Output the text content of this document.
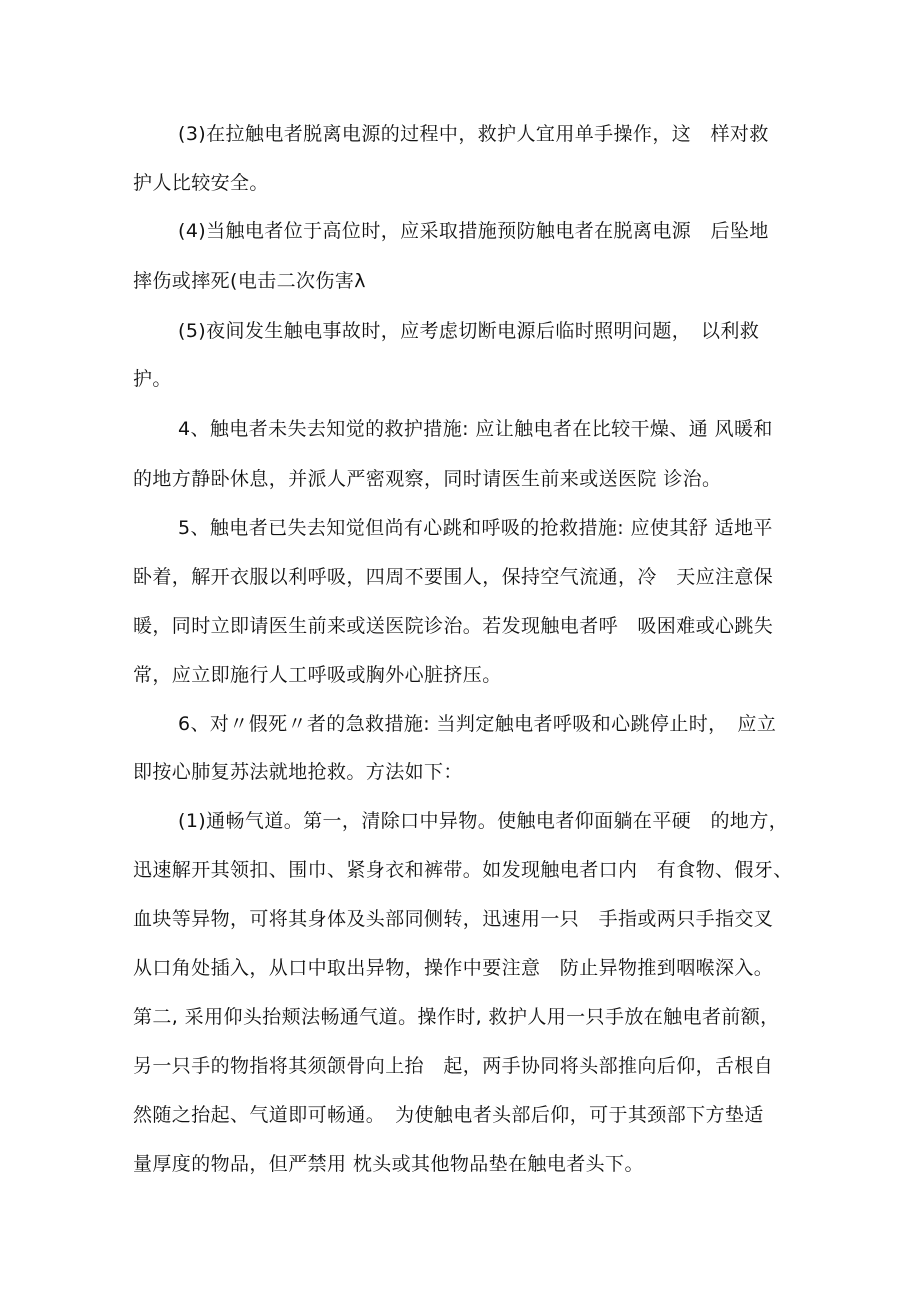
(3)在拉触电者脱离电源的过程中，救护人宜用单手操作，这　样对救
护人比较安全。
(4)当触电者位于高位时，应采取措施预防触电者在脱离电源　后坠地
摔伤或摔死(电击二次伤害λ
(5)夜间发生触电事故时，应考虑切断电源后临时照明问题，　以利救
护。
4、触电者未失去知觉的救护措施: 应让触电者在比较干燥、通 风暖和
的地方静卧休息，并派人严密观察，同时请医生前来或送医院 诊治。
5、触电者已失去知觉但尚有心跳和呼吸的抢救措施: 应使其舒 适地平
卧着，解开衣服以利呼吸，四周不要围人，保持空气流通，冷　天应注意保
暖，同时立即请医生前来或送医院诊治。若发现触电者呼　吸困难或心跳失
常，应立即施行人工呼吸或胸外心脏挤压。
6、对〃假死〃者的急救措施: 当判定触电者呼吸和心跳停止时，　应立
即按心肺复苏法就地抢救。方法如下：
(1)通畅气道。第一，清除口中异物。使触电者仰面躺在平硬　的地方，
迅速解开其领扣、围巾、紧身衣和裤带。如发现触电者口内　有食物、假牙、
血块等异物，可将其身体及头部同侧转，迅速用一只　手指或两只手指交叉
从口角处插入，从口中取出异物，操作中要注意　防止异物推到咽喉深入。
第二, 采用仰头抬颊法畅通气道。操作时, 救护人用一只手放在触电者前额，
另一只手的物指将其须颌骨向上抬　起，两手协同将头部推向后仰，舌根自
然随之抬起、气道即可畅通。　为使触电者头部后仰，可于其颈部下方垫适
量厚度的物品，但严禁用 枕头或其他物品垫在触电者头下。
